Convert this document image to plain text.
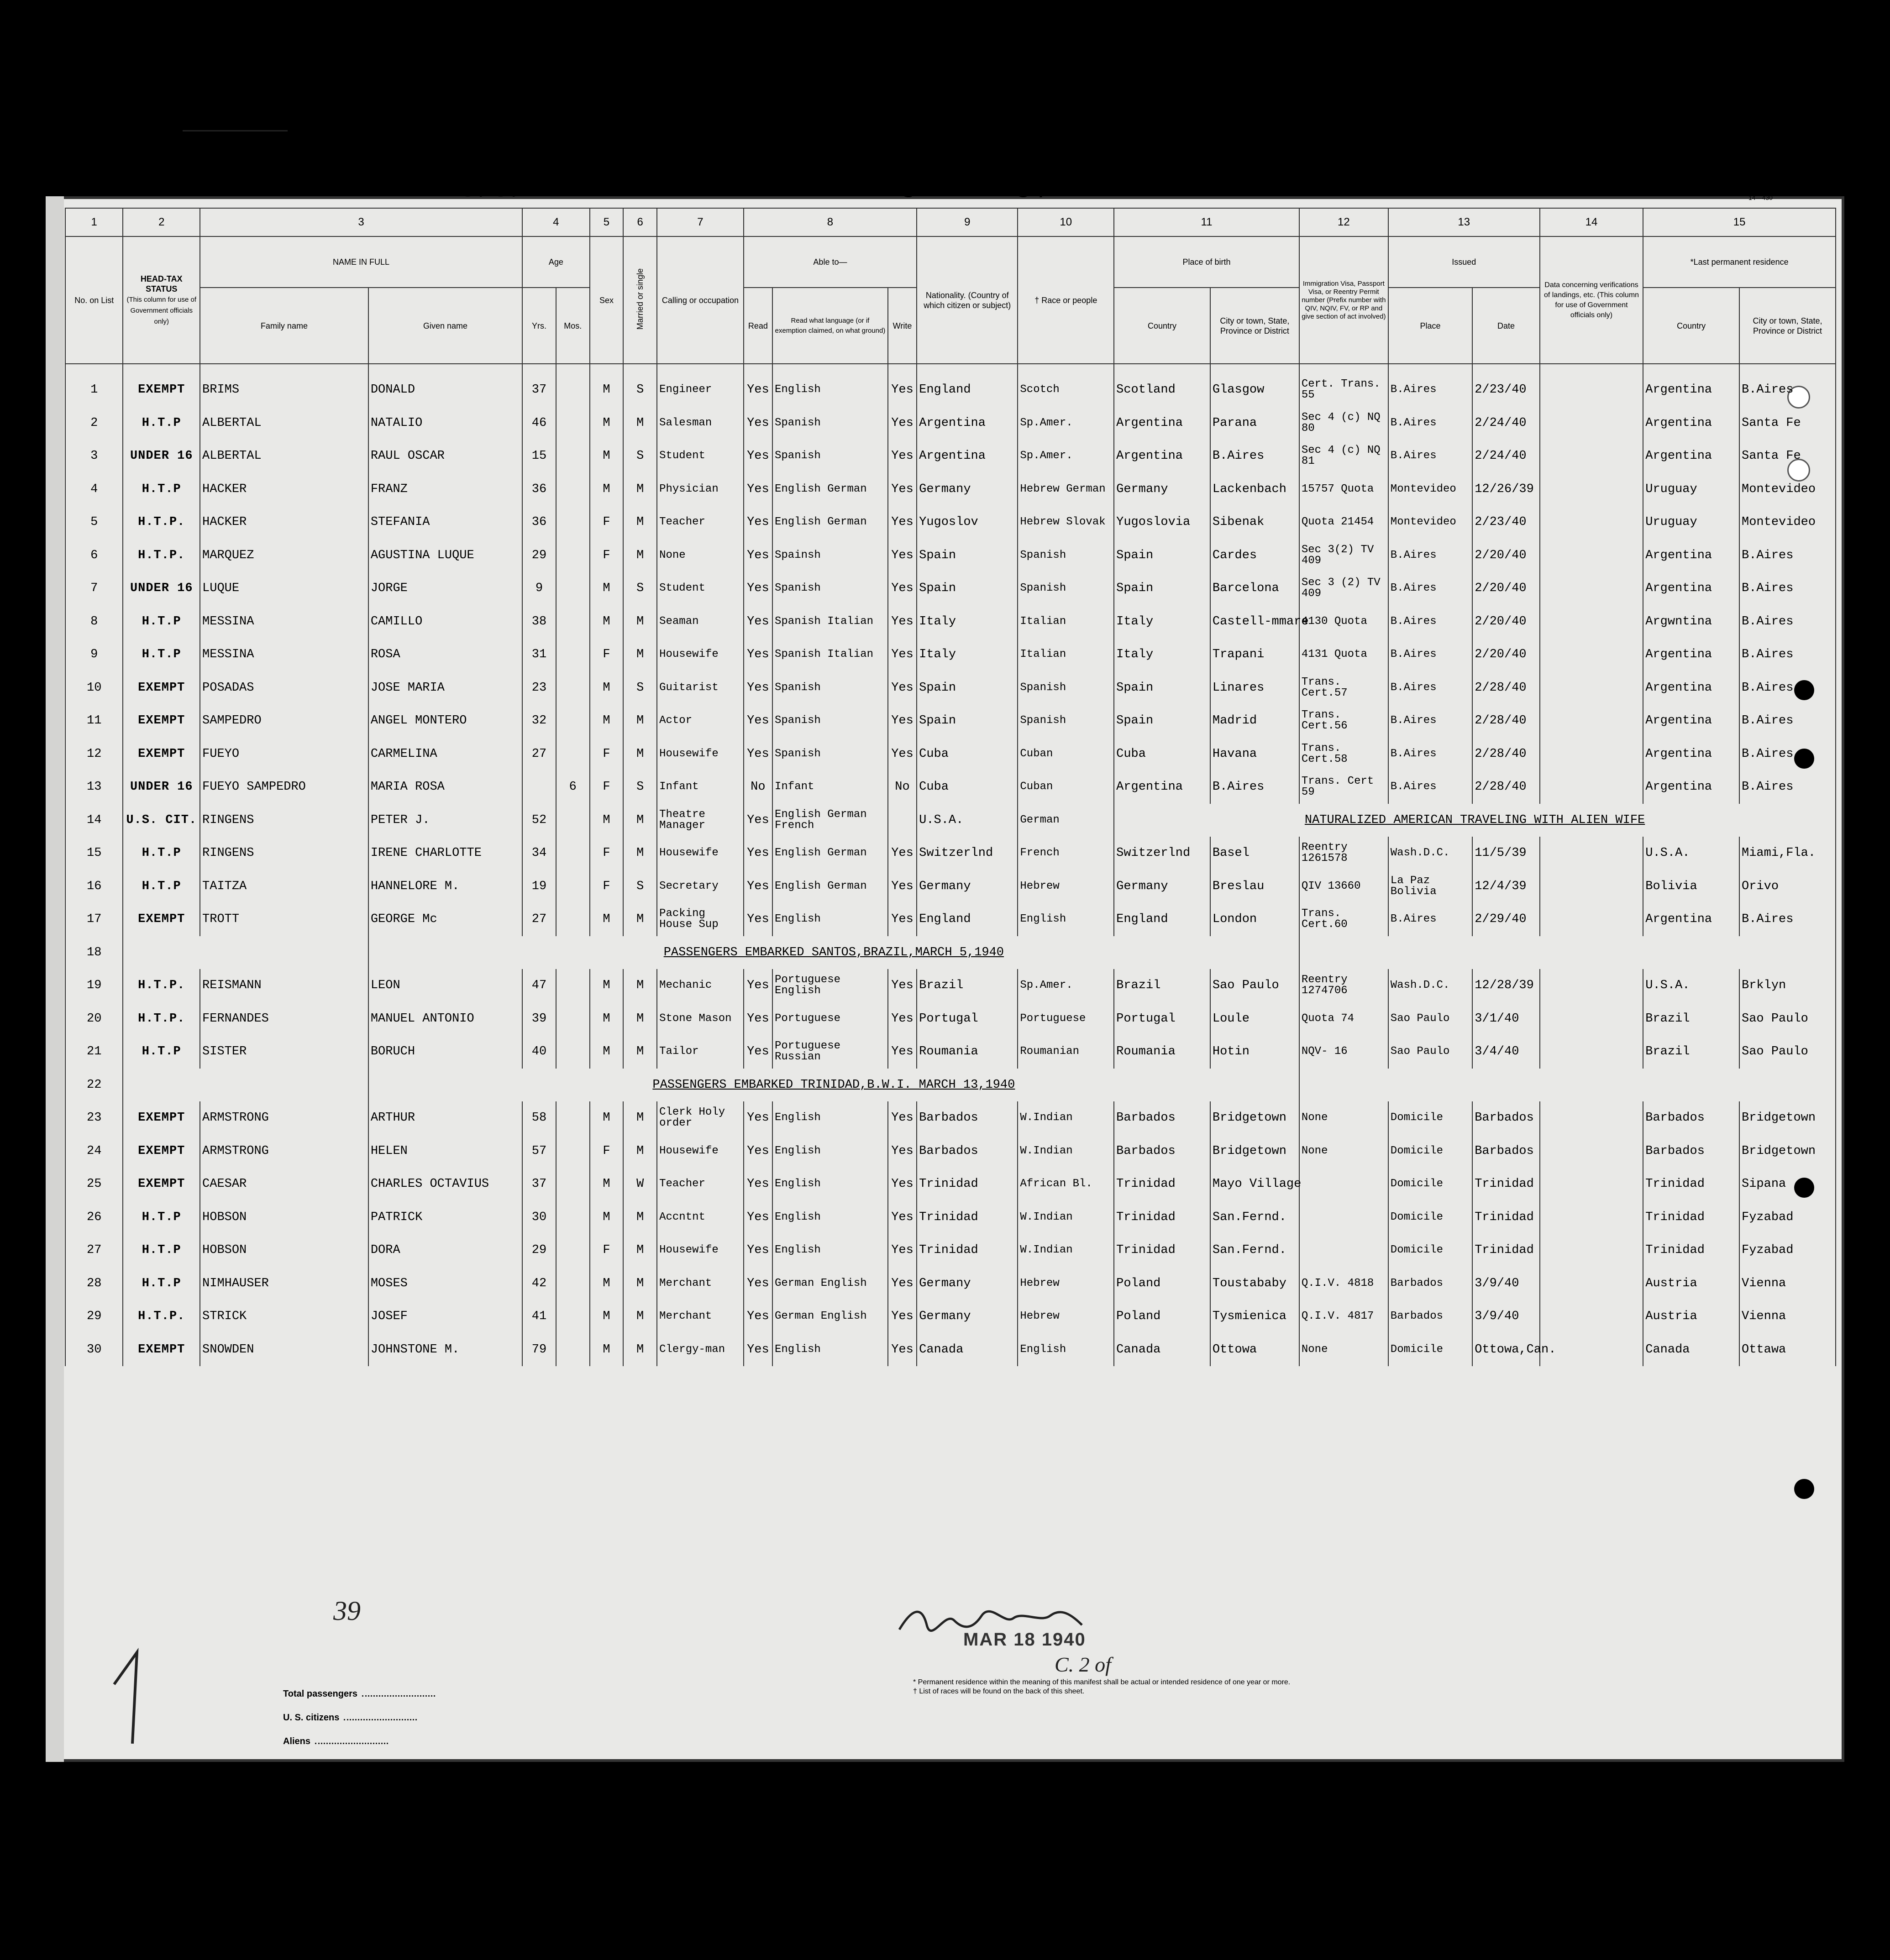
Form 500 C
U.S. DEPARTMENT OF LABOR
IMMIGRATION AND NATURALIZATION SERVICE
List 7	LIST OR MANIFEST OF ALIEN PASSENGERS FOR THE UNITED
ALL ALIENS arriving at a port of continental United States from a foreign port or a port of the insular possessions of the United States, and all aliens arriving at a port of said insular possessions from a foreign port, a port of continental United
This (light blue) sheet is for the listing of
S. S.	URUGUAY	Passengers sailing from
BUENOS AIRES,ARGENTINA	March 1, 1940	19 14—430
1	2	3		4		5	6	7	8			9	10	11		12	13		14	15	
No. on List	HEAD-TAX STATUS
(This column for use of Government officials only)	NAME IN FULL		Age		Sex	Married or single	Calling or occupation	Able to—			Nationality. (Country of which citizen or subject)	† Race or people	Place of birth		Immigration Visa, Passport Visa, or Reentry Permit number (Prefix number with QIV, NQIV, FV, or RP and give section of act involved)	Issued		Data concerning verifications of landings, etc. (This column for use of Government officials only)	*Last permanent residence	
		Family name	Given name	Yrs.	Mos.				Read	Read what language (or if exemption claimed, on what ground)	Write			Country	City or town, State, Province or District		Place	Date		Country	City or town, State, Province or District
1	EXEMPT	BRIMS	DONALD	37		M	S	Engineer	Yes	English	Yes	England	Scotch	Scotland	Glasgow	Cert. Trans. 55	B.Aires	2/23/40		Argentina	B.Aires
2	H.T.P	ALBERTAL	NATALIO	46		M	M	Salesman	Yes	Spanish	Yes	Argentina	Sp.Amer.	Argentina	Parana	Sec 4 (c) NQ 80	B.Aires	2/24/40		Argentina	Santa Fe
3	UNDER 16	ALBERTAL	RAUL OSCAR	15		M	S	Student	Yes	Spanish	Yes	Argentina	Sp.Amer.	Argentina	B.Aires	Sec 4 (c) NQ 81	B.Aires	2/24/40		Argentina	Santa Fe
4	H.T.P	HACKER	FRANZ	36		M	M	Physician	Yes	English German	Yes	Germany	Hebrew German	Germany	Lackenbach	15757 Quota	Montevideo	12/26/39		Uruguay	Montevideo
5	H.T.P.	HACKER	STEFANIA	36		F	M	Teacher	Yes	English German	Yes	Yugoslov	Hebrew Slovak	Yugoslovia	Sibenak	Quota 21454	Montevideo	2/23/40		Uruguay	Montevideo
6	H.T.P.	MARQUEZ	AGUSTINA LUQUE	29		F	M	None	Yes	Spainsh	Yes	Spain	Spanish	Spain	Cardes	Sec 3(2) TV 409	B.Aires	2/20/40		Argentina	B.Aires
7	UNDER 16	LUQUE	JORGE	9		M	S	Student	Yes	Spanish	Yes	Spain	Spanish	Spain	Barcelona	Sec 3 (2) TV 409	B.Aires	2/20/40		Argentina	B.Aires
8	H.T.P	MESSINA	CAMILLO	38		M	M	Seaman	Yes	Spanish Italian	Yes	Italy	Italian	Italy	Castell-mmare	4130 Quota	B.Aires	2/20/40		Argwntina	B.Aires
9	H.T.P	MESSINA	ROSA	31		F	M	Housewife	Yes	Spanish Italian	Yes	Italy	Italian	Italy	Trapani	4131 Quota	B.Aires	2/20/40		Argentina	B.Aires
10	EXEMPT	POSADAS	JOSE MARIA	23		M	S	Guitarist	Yes	Spanish	Yes	Spain	Spanish	Spain	Linares	Trans. Cert.57	B.Aires	2/28/40		Argentina	B.Aires
11	EXEMPT	SAMPEDRO	ANGEL MONTERO	32		M	M	Actor	Yes	Spanish	Yes	Spain	Spanish	Spain	Madrid	Trans. Cert.56	B.Aires	2/28/40		Argentina	B.Aires
12	EXEMPT	FUEYO	CARMELINA	27		F	M	Housewife	Yes	Spanish	Yes	Cuba	Cuban	Cuba	Havana	Trans. Cert.58	B.Aires	2/28/40		Argentina	B.Aires
13	UNDER 16	FUEYO SAMPEDRO	MARIA ROSA		6	F	S	Infant	No	Infant	No	Cuba	Cuban	Argentina	B.Aires	Trans. Cert 59	B.Aires	2/28/40		Argentina	B.Aires
14	U.S. CIT.	RINGENS	PETER J.	52		M	M	Theatre Manager	Yes	English German French		U.S.A.	German	NATURALIZED AMERICAN TRAVELING WITH ALIEN WIFE							
15	H.T.P	RINGENS	IRENE CHARLOTTE	34		F	M	Housewife	Yes	English German	Yes	Switzerlnd	French	Switzerlnd	Basel	Reentry 1261578	Wash.D.C.	11/5/39		U.S.A.	Miami,Fla.
16	H.T.P	TAITZA	HANNELORE M.	19		F	S	Secretary	Yes	English German	Yes	Germany	Hebrew	Germany	Breslau	QIV 13660	La Paz Bolivia	12/4/39		Bolivia	Orivo
17	EXEMPT	TROTT	GEORGE Mc	27		M	M	Packing House Sup	Yes	English	Yes	England	English	England	London	Trans. Cert.60	B.Aires	2/29/40		Argentina	B.Aires
18			PASSENGERS EMBARKED SANTOS,BRAZIL,MARCH 5,1940																		
19	H.T.P.	REISMANN	LEON	47		M	M	Mechanic	Yes	Portuguese English	Yes	Brazil	Sp.Amer.	Brazil	Sao Paulo	Reentry 1274706	Wash.D.C.	12/28/39		U.S.A.	Brklyn
20	H.T.P.	FERNANDES	MANUEL ANTONIO	39		M	M	Stone Mason	Yes	Portuguese	Yes	Portugal	Portuguese	Portugal	Loule	Quota 74	Sao Paulo	3/1/40		Brazil	Sao Paulo
21	H.T.P	SISTER	BORUCH	40		M	M	Tailor	Yes	Portuguese Russian	Yes	Roumania	Roumanian	Roumania	Hotin	NQV- 16	Sao Paulo	3/4/40		Brazil	Sao Paulo
22			PASSENGERS EMBARKED TRINIDAD,B.W.I. MARCH 13,1940																		
23	EXEMPT	ARMSTRONG	ARTHUR	58		M	M	Clerk Holy order	Yes	English	Yes	Barbados	W.Indian	Barbados	Bridgetown	None	Domicile	Barbados		Barbados	Bridgetown
24	EXEMPT	ARMSTRONG	HELEN	57		F	M	Housewife	Yes	English	Yes	Barbados	W.Indian	Barbados	Bridgetown	None	Domicile	Barbados		Barbados	Bridgetown
25	EXEMPT	CAESAR	CHARLES OCTAVIUS	37		M	W	Teacher	Yes	English	Yes	Trinidad	African Bl.	Trinidad	Mayo Village		Domicile	Trinidad		Trinidad	Sipana
26	H.T.P	HOBSON	PATRICK	30		M	M	Accntnt	Yes	English	Yes	Trinidad	W.Indian	Trinidad	San.Fernd.		Domicile	Trinidad		Trinidad	Fyzabad
27	H.T.P	HOBSON	DORA	29		F	M	Housewife	Yes	English	Yes	Trinidad	W.Indian	Trinidad	San.Fernd.		Domicile	Trinidad		Trinidad	Fyzabad
28	H.T.P	NIMHAUSER	MOSES	42		M	M	Merchant	Yes	German English	Yes	Germany	Hebrew	Poland	Toustababy	Q.I.V. 4818	Barbados	3/9/40		Austria	Vienna
29	H.T.P.	STRICK	JOSEF	41		M	M	Merchant	Yes	German English	Yes	Germany	Hebrew	Poland	Tysmienica	Q.I.V. 4817	Barbados	3/9/40		Austria	Vienna
30	EXEMPT	SNOWDEN	JOHNSTONE M.	79		M	M	Clergy-man	Yes	English	Yes	Canada	English	Canada	Ottowa	None	Domicile	Ottowa,Can.		Canada	Ottawa
Total passengers
U. S. citizens
Aliens
MAR 18 1940
C. 2 of
* Permanent residence within the meaning of this manifest shall be actual or intended residence of one year or more.
† List of races will be found on the back of this sheet.
39
